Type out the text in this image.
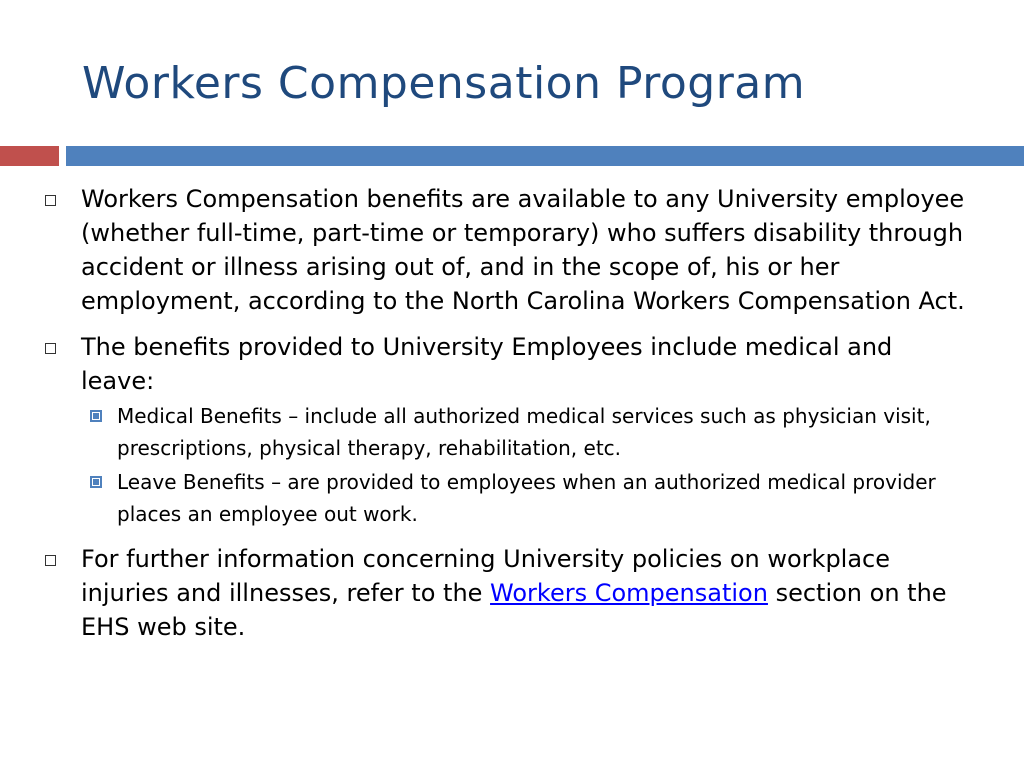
Workers Compensation Program
Workers Compensation benefits are available to any University employee (whether full-time, part-time or temporary) who suffers disability through accident or illness arising out of, and in the scope of, his or her employment, according to the North Carolina Workers Compensation Act.
The benefits provided to University Employees include medical and leave:
Medical Benefits – include all authorized medical services such as physician visit, prescriptions, physical therapy, rehabilitation, etc.
Leave Benefits – are provided to employees when an authorized medical provider places an employee out work.
For further information concerning University policies on workplace injuries and illnesses, refer to the Workers Compensation section on the EHS web site.
